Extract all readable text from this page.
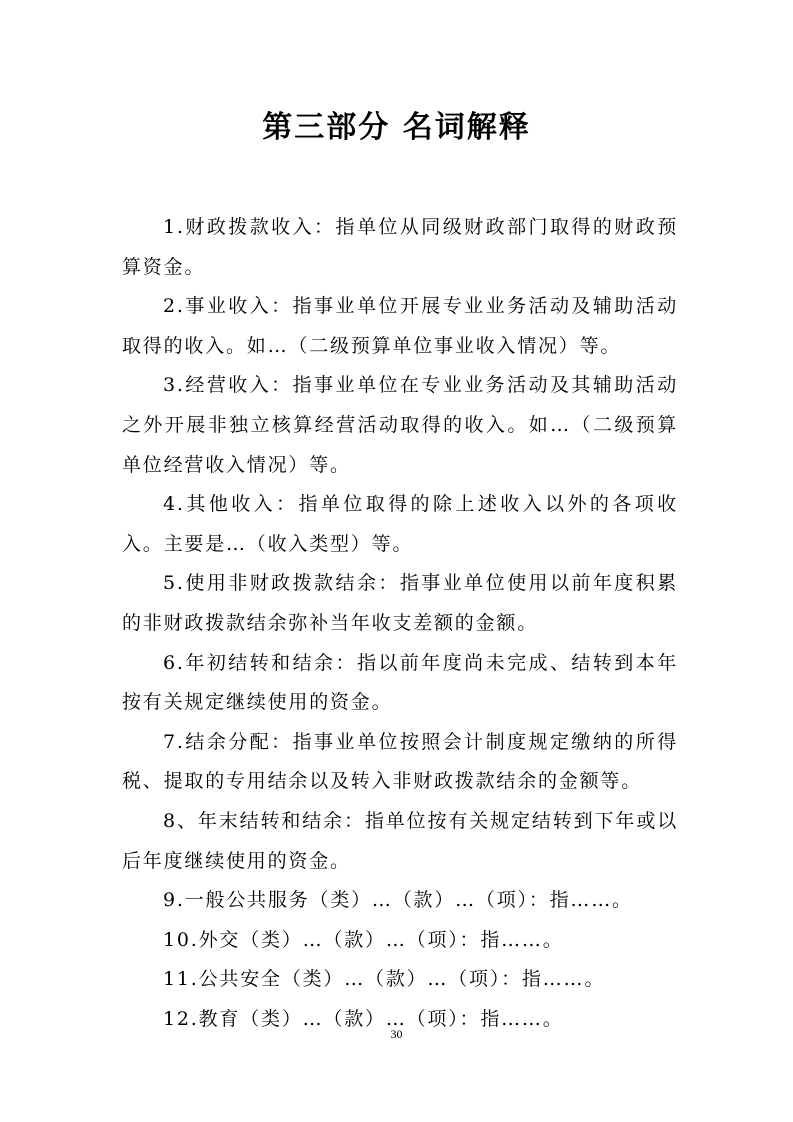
第三部分 名词解释

1.财政拨款收入：指单位从同级财政部门取得的财政预算资金。

2.事业收入：指事业单位开展专业业务活动及辅助活动取得的收入。如…（二级预算单位事业收入情况）等。

3.经营收入：指事业单位在专业业务活动及其辅助活动之外开展非独立核算经营活动取得的收入。如…（二级预算单位经营收入情况）等。

4.其他收入：指单位取得的除上述收入以外的各项收入。主要是…（收入类型）等。

5.使用非财政拨款结余：指事业单位使用以前年度积累的非财政拨款结余弥补当年收支差额的金额。

6.年初结转和结余：指以前年度尚未完成、结转到本年按有关规定继续使用的资金。

7.结余分配：指事业单位按照会计制度规定缴纳的所得税、提取的专用结余以及转入非财政拨款结余的金额等。

8、年末结转和结余：指单位按有关规定结转到下年或以后年度继续使用的资金。

9.一般公共服务（类）…（款）…（项）：指……。

10.外交（类）…（款）…（项）：指……。

11.公共安全（类）…（款）…（项）：指……。

12.教育（类）…（款）…（项）：指……。

30
